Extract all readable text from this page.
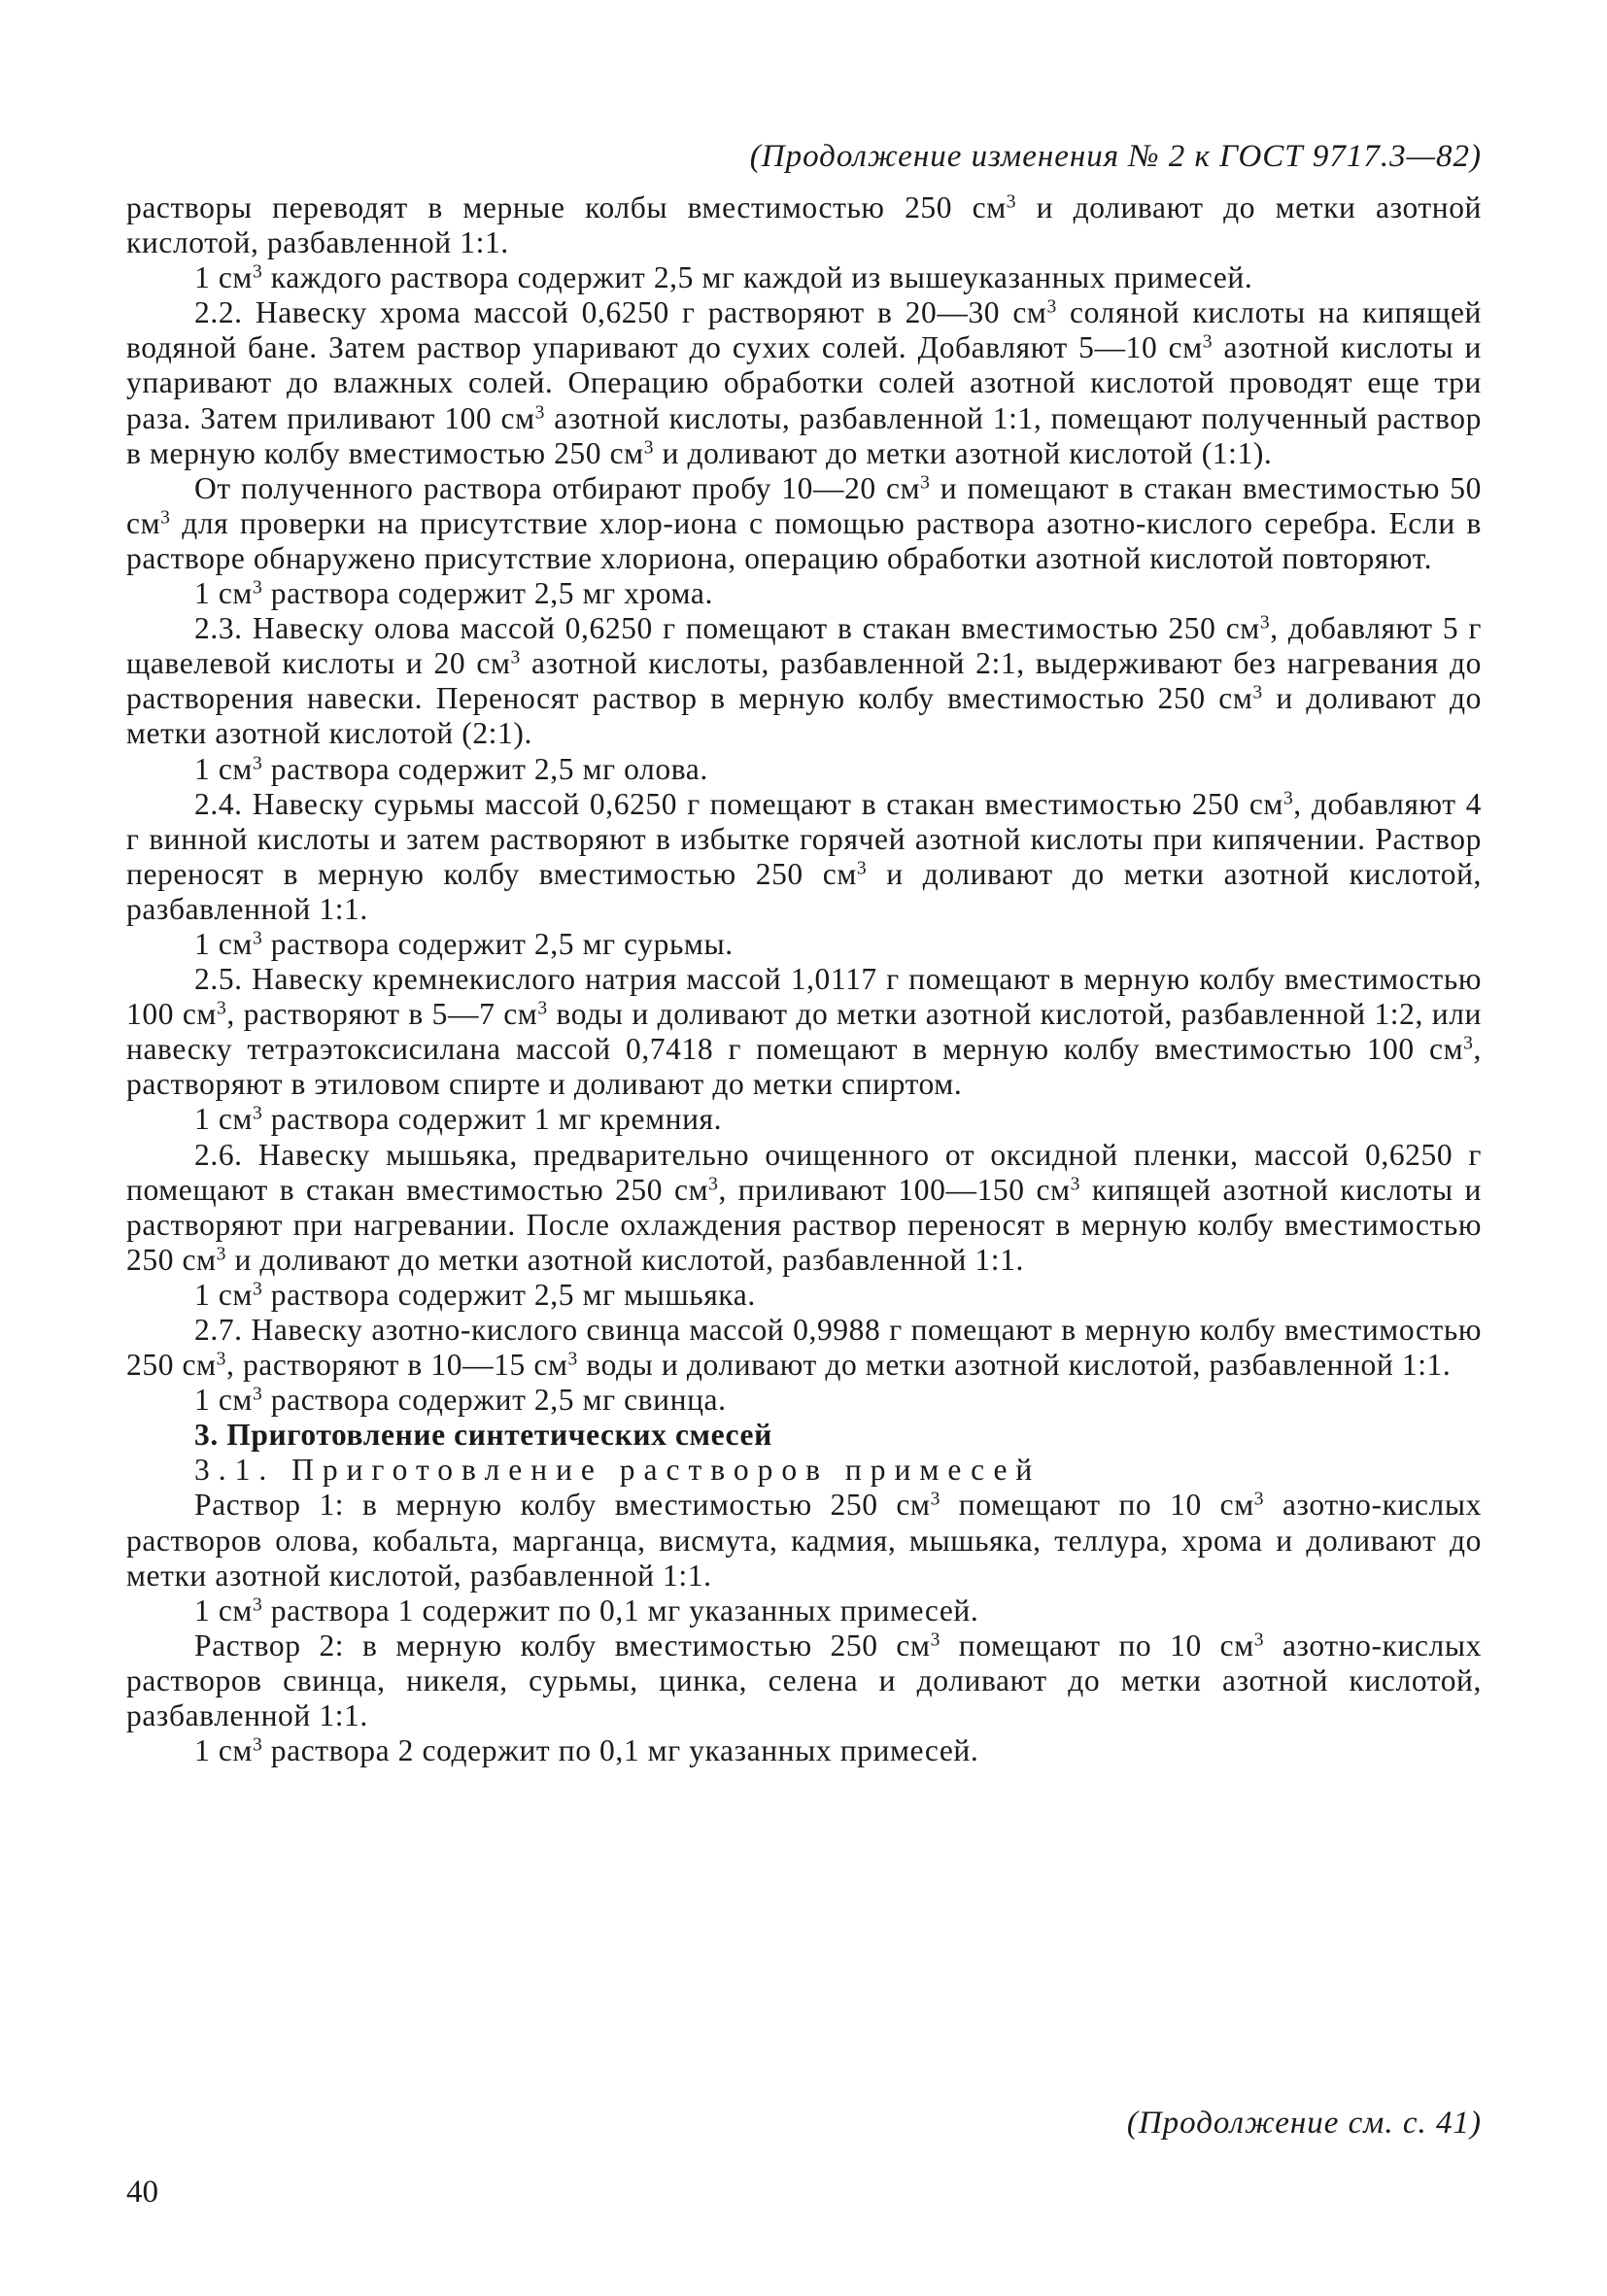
(Продолжение изменения № 2 к ГОСТ 9717.3—82)

растворы переводят в мерные колбы вместимостью 250 $см^3$ и доливают до метки азотной кислотой, разбавленной 1:1.

1 $см^3$ каждого раствора содержит 2,5 мг каждой из вышеуказанных примесей.

2.2. Навеску хрома массой 0,6250 г растворяют в 20—30 $см^3$ соляной кислоты на кипящей водяной бане. Затем раствор упаривают до сухих солей. Добавляют 5—10 $см^3$ азотной кислоты и упаривают до влажных солей. Операцию обработки солей азотной кислотой проводят еще три раза. Затем приливают 100 $см^3$ азотной кислоты, разбавленной 1:1, помещают полученный раствор в мерную колбу вместимостью 250 $см^3$ и доливают до метки азотной кислотой (1:1).

От полученного раствора отбирают пробу 10—20 $см^3$ и помещают в стакан вместимостью 50 $см^3$ для проверки на присутствие хлор-иона с помощью раствора азотно-кислого серебра. Если в растворе обнаружено присутствие хлориона, операцию обработки азотной кислотой повторяют.

1 $см^3$ раствора содержит 2,5 мг хрома.

2.3. Навеску олова массой 0,6250 г помещают в стакан вместимостью 250 $см^3$, добавляют 5 г щавелевой кислоты и 20 $см^3$ азотной кислоты, разбавленной 2:1, выдерживают без нагревания до растворения навески. Переносят раствор в мерную колбу вместимостью 250 $см^3$ и доливают до метки азотной кислотой (2:1).

1 $см^3$ раствора содержит 2,5 мг олова.

2.4. Навеску сурьмы массой 0,6250 г помещают в стакан вместимостью 250 $см^3$, добавляют 4 г винной кислоты и затем растворяют в избытке горячей азотной кислоты при кипячении. Раствор переносят в мерную колбу вместимостью 250 $см^3$ и доливают до метки азотной кислотой, разбавленной 1:1.

1 $см^3$ раствора содержит 2,5 мг сурьмы.

2.5. Навеску кремнекислого натрия массой 1,0117 г помещают в мерную колбу вместимостью 100 $см^3$, растворяют в 5—7 $см^3$ воды и доливают до метки азотной кислотой, разбавленной 1:2, или навеску тетраэтоксисилана массой 0,7418 г помещают в мерную колбу вместимостью 100 $см^3$, растворяют в этиловом спирте и доливают до метки спиртом.

1 $см^3$ раствора содержит 1 мг кремния.

2.6. Навеску мышьяка, предварительно очищенного от оксидной пленки, массой 0,6250 г помещают в стакан вместимостью 250 $см^3$, приливают 100—150 $см^3$ кипящей азотной кислоты и растворяют при нагревании. После охлаждения раствор переносят в мерную колбу вместимостью 250 $см^3$ и доливают до метки азотной кислотой, разбавленной 1:1.

1 $см^3$ раствора содержит 2,5 мг мышьяка.

2.7. Навеску азотно-кислого свинца массой 0,9988 г помещают в мерную колбу вместимостью 250 $см^3$, растворяют в 10—15 $см^3$ воды и доливают до метки азотной кислотой, разбавленной 1:1.

1 $см^3$ раствора содержит 2,5 мг свинца.

3. Приготовление синтетических смесей

3.1. Приготовление растворов примесей

Раствор 1: в мерную колбу вместимостью 250 $см^3$ помещают по 10 $см^3$ азотно-кислых растворов олова, кобальта, марганца, висмута, кадмия, мышьяка, теллура, хрома и доливают до метки азотной кислотой, разбавленной 1:1.

1 $см^3$ раствора 1 содержит по 0,1 мг указанных примесей.

Раствор 2: в мерную колбу вместимостью 250 $см^3$ помещают по 10 $см^3$ азотно-кислых растворов свинца, никеля, сурьмы, цинка, селена и доливают до метки азотной кислотой, разбавленной 1:1.

1 $см^3$ раствора 2 содержит по 0,1 мг указанных примесей.

(Продолжение см. с. 41)
40
